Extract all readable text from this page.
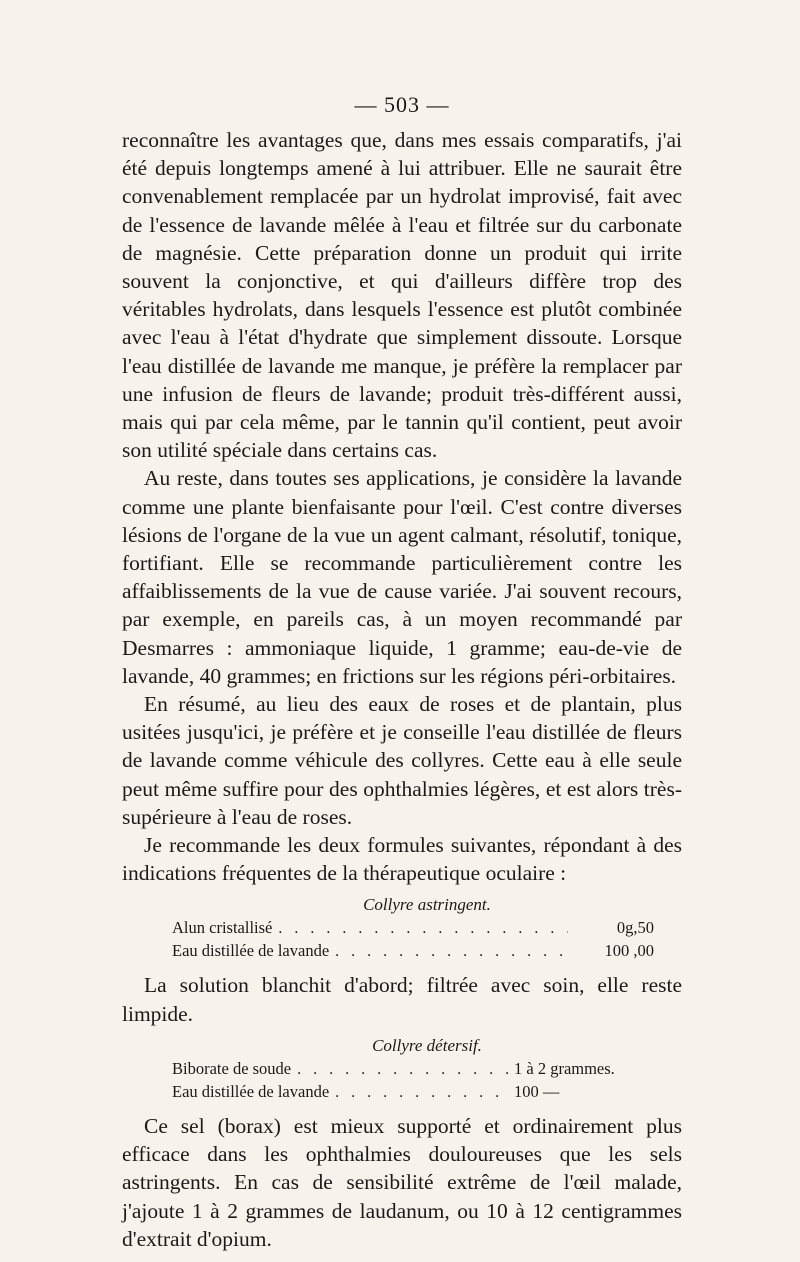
— 503 —

reconnaître les avantages que, dans mes essais comparatifs, j'ai été depuis longtemps amené à lui attribuer. Elle ne saurait être convenablement remplacée par un hydrolat improvisé, fait avec de l'essence de lavande mêlée à l'eau et filtrée sur du carbonate de magnésie. Cette préparation donne un produit qui irrite souvent la conjonctive, et qui d'ailleurs diffère trop des véritables hydrolats, dans lesquels l'essence est plutôt combinée avec l'eau à l'état d'hydrate que simplement dissoute. Lorsque l'eau distillée de lavande me manque, je préfère la remplacer par une infusion de fleurs de lavande; produit très-différent aussi, mais qui par cela même, par le tannin qu'il contient, peut avoir son utilité spéciale dans certains cas.

Au reste, dans toutes ses applications, je considère la lavande comme une plante bienfaisante pour l'œil. C'est contre diverses lésions de l'organe de la vue un agent calmant, résolutif, tonique, fortifiant. Elle se recommande particulièrement contre les affaiblissements de la vue de cause variée. J'ai souvent recours, par exemple, en pareils cas, à un moyen recommandé par Desmarres : ammoniaque liquide, 1 gramme; eau-de-vie de lavande, 40 grammes; en frictions sur les régions péri-orbitaires.

En résumé, au lieu des eaux de roses et de plantain, plus usitées jusqu'ici, je préfère et je conseille l'eau distillée de fleurs de lavande comme véhicule des collyres. Cette eau à elle seule peut même suffire pour des ophthalmies légères, et est alors très-supérieure à l'eau de roses.

Je recommande les deux formules suivantes, répondant à des indications fréquentes de la thérapeutique oculaire :

Collyre astringent.
Alun cristallisé . . .	0g,50
Eau distillée de lavande . . .	100 ,00

La solution blanchit d'abord; filtrée avec soin, elle reste limpide.

Collyre détersif.
Biborate de soude . . .	1 à 2 grammes.
Eau distillée de lavande . . .	100 —

Ce sel (borax) est mieux supporté et ordinairement plus efficace dans les ophthalmies douloureuses que les sels astringents. En cas de sensibilité extrême de l'œil malade, j'ajoute 1 à 2 grammes de laudanum, ou 10 à 12 centigrammes d'extrait d'opium.
